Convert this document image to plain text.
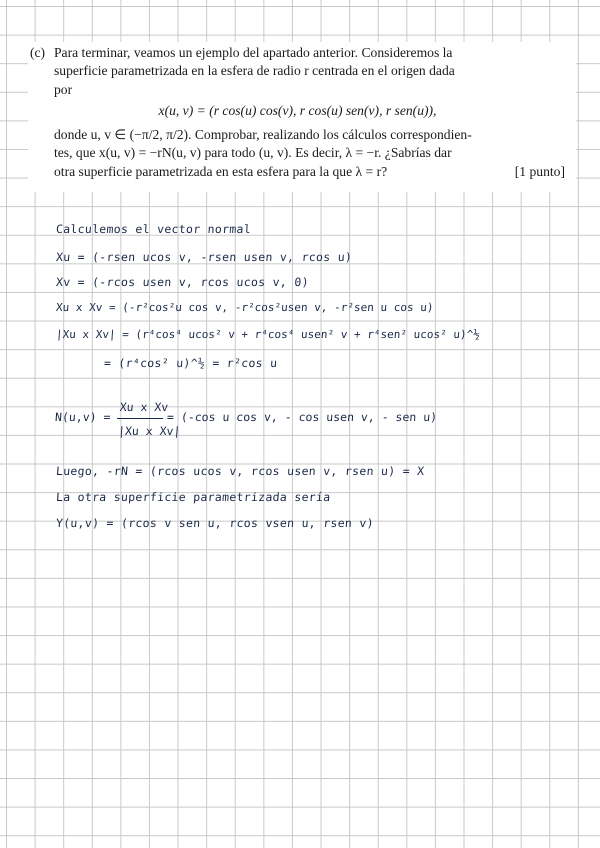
(c) Para terminar, veamos un ejemplo del apartado anterior. Consideremos la
superficie parametrizada en la esfera de radio r centrada en el origen dada
por
x(u, v) = (r cos(u) cos(v), r cos(u) sen(v), r sen(u)),
donde u, v ∈ (−π/2, π/2). Comprobar, realizando los cálculos correspondien-
tes, que x(u, v) = −rN(u, v) para todo (u, v). Es decir, λ = −r. ¿Sabrías dar
otra superficie parametrizada en esta esfera para la que λ = r?	[1 punto]
Calculemos el vector normal
Xu = (-rsen ucos v, -rsen usen v, rcos u)
Xv = (-rcos usen v, rcos ucos v, 0)
Xu x Xv = (-r²cos²u cos v, -r²cos²usen v, -r²sen u cos u)
|Xu x Xv| = (r⁴cos⁴ ucos² v + r⁴cos⁴ usen² v + r⁴sen² ucos² u)^½
= (r⁴cos² u)^½ = r²cos u
N(u,v) =
Xu x Xv
|Xu x Xv|
= (-cos u cos v, - cos usen v, - sen u)
Luego, -rN = (rcos ucos v, rcos usen v, rsen u) = X
La otra superficie parametrizada sería
Y(u,v) = (rcos v sen u, rcos vsen u, rsen v)
